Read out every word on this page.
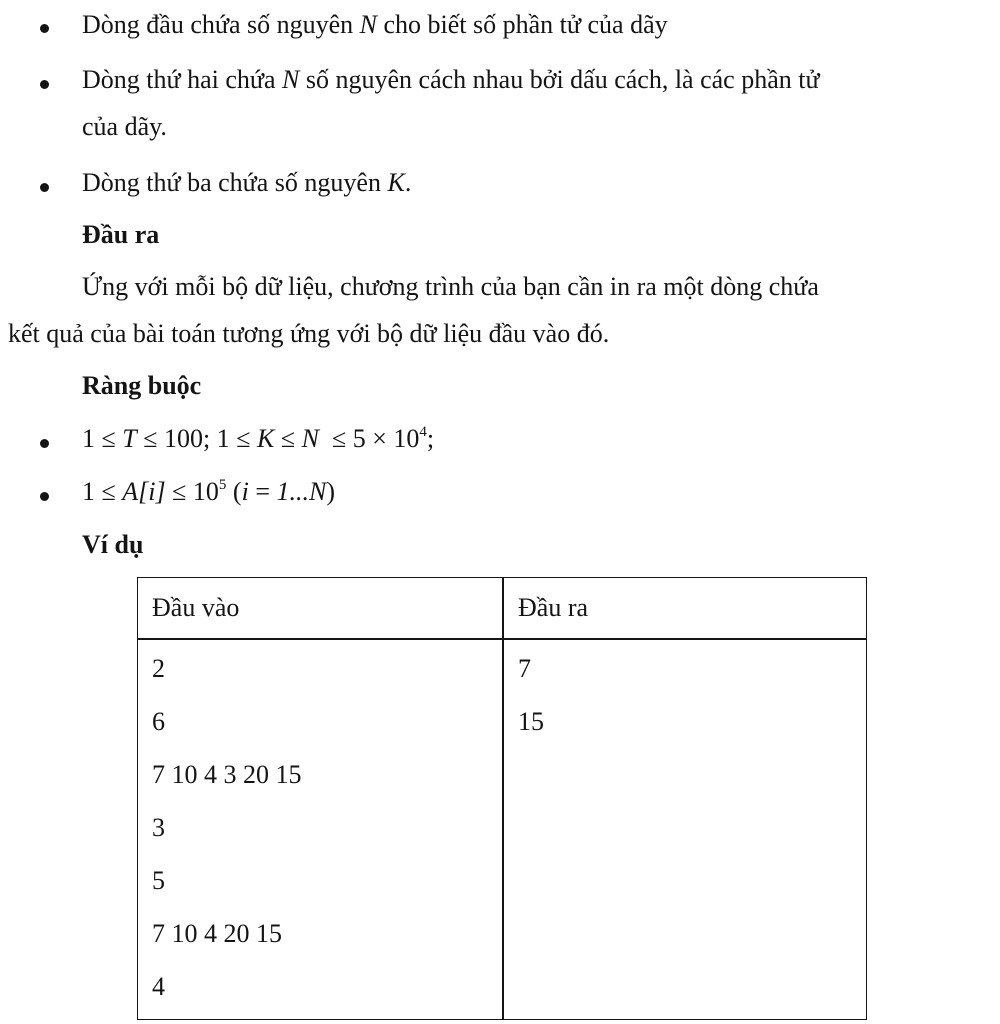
Dòng đầu chứa số nguyên N cho biết số phần tử của dãy
Dòng thứ hai chứa N số nguyên cách nhau bởi dấu cách, là các phần tử
của dãy.
Dòng thứ ba chứa số nguyên K.
Đầu ra
Ứng với mỗi bộ dữ liệu, chương trình của bạn cần in ra một dòng chứa
kết quả của bài toán tương ứng với bộ dữ liệu đầu vào đó.
Ràng buộc
1 ≤ T ≤ 100; $1 \le K \le N \le 5 \times 10^4$;
$1 \le A[i] \le 10^5$ (i = 1...N)
Ví dụ
Đầu vào	Đầu ra
2
6
7 10 4 3 20 15
3
5
7 10 4 20 15
4
7
15
